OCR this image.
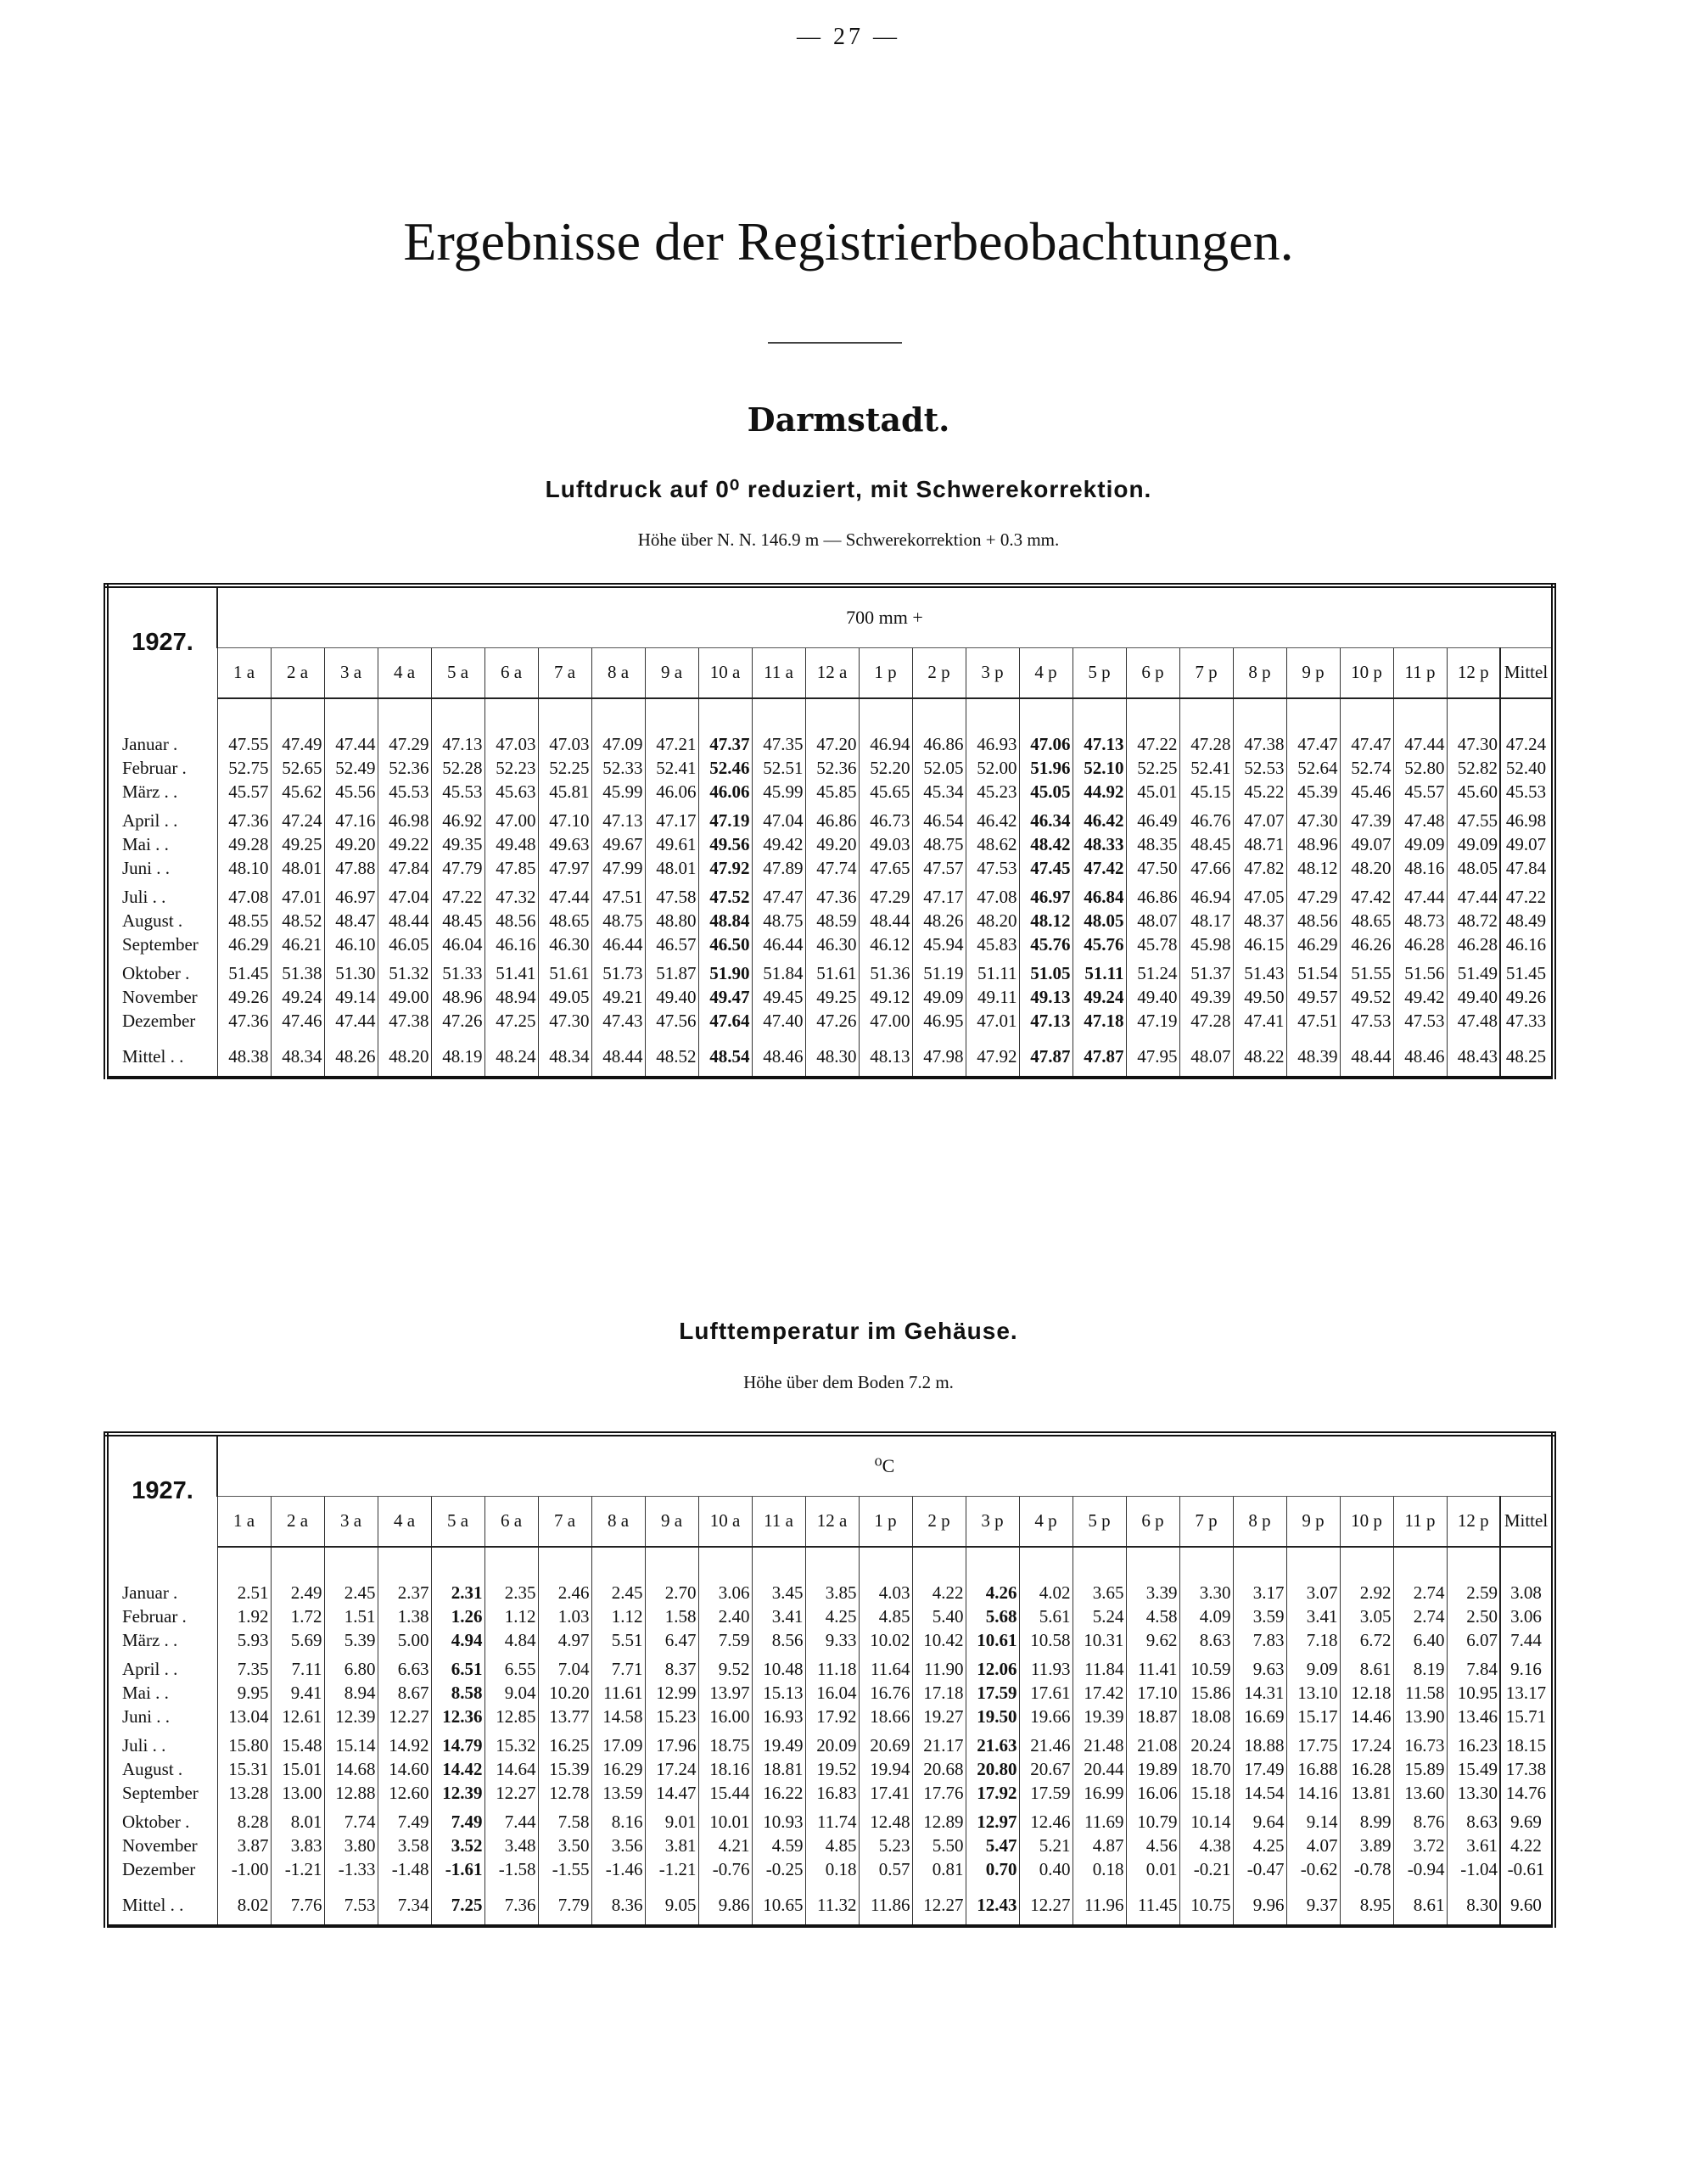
— 27 —
Ergebnisse der Registrierbeobachtungen.
Darmstadt.
Luftdruck auf 0⁰ reduziert, mit Schwerekorrektion.
Höhe über N. N. 146.9 m — Schwerekorrektion + 0.3 mm.

1927.	700 mm +																								
	1 a	2 a	3 a	4 a	5 a	6 a	7 a	8 a	9 a	10 a	11 a	12 a	1 p	2 p	3 p	4 p	5 p	6 p	7 p	8 p	9 p	10 p	11 p	12 p	Mittel

Januar .	47.55	47.49	47.44	47.29	47.13	47.03	47.03	47.09	47.21	47.37	47.35	47.20	46.94	46.86	46.93	47.06	47.13	47.22	47.28	47.38	47.47	47.47	47.44	47.30	47.24
Februar .	52.75	52.65	52.49	52.36	52.28	52.23	52.25	52.33	52.41	52.46	52.51	52.36	52.20	52.05	52.00	51.96	52.10	52.25	52.41	52.53	52.64	52.74	52.80	52.82	52.40
März . .	45.57	45.62	45.56	45.53	45.53	45.63	45.81	45.99	46.06	46.06	45.99	45.85	45.65	45.34	45.23	45.05	44.92	45.01	45.15	45.22	45.39	45.46	45.57	45.60	45.53

April . .	47.36	47.24	47.16	46.98	46.92	47.00	47.10	47.13	47.17	47.19	47.04	46.86	46.73	46.54	46.42	46.34	46.42	46.49	46.76	47.07	47.30	47.39	47.48	47.55	46.98
Mai . .	49.28	49.25	49.20	49.22	49.35	49.48	49.63	49.67	49.61	49.56	49.42	49.20	49.03	48.75	48.62	48.42	48.33	48.35	48.45	48.71	48.96	49.07	49.09	49.09	49.07
Juni . .	48.10	48.01	47.88	47.84	47.79	47.85	47.97	47.99	48.01	47.92	47.89	47.74	47.65	47.57	47.53	47.45	47.42	47.50	47.66	47.82	48.12	48.20	48.16	48.05	47.84

Juli . .	47.08	47.01	46.97	47.04	47.22	47.32	47.44	47.51	47.58	47.52	47.47	47.36	47.29	47.17	47.08	46.97	46.84	46.86	46.94	47.05	47.29	47.42	47.44	47.44	47.22
August .	48.55	48.52	48.47	48.44	48.45	48.56	48.65	48.75	48.80	48.84	48.75	48.59	48.44	48.26	48.20	48.12	48.05	48.07	48.17	48.37	48.56	48.65	48.73	48.72	48.49
September	46.29	46.21	46.10	46.05	46.04	46.16	46.30	46.44	46.57	46.50	46.44	46.30	46.12	45.94	45.83	45.76	45.76	45.78	45.98	46.15	46.29	46.26	46.28	46.28	46.16

Oktober .	51.45	51.38	51.30	51.32	51.33	51.41	51.61	51.73	51.87	51.90	51.84	51.61	51.36	51.19	51.11	51.05	51.11	51.24	51.37	51.43	51.54	51.55	51.56	51.49	51.45
November	49.26	49.24	49.14	49.00	48.96	48.94	49.05	49.21	49.40	49.47	49.45	49.25	49.12	49.09	49.11	49.13	49.24	49.40	49.39	49.50	49.57	49.52	49.42	49.40	49.26
Dezember	47.36	47.46	47.44	47.38	47.26	47.25	47.30	47.43	47.56	47.64	47.40	47.26	47.00	46.95	47.01	47.13	47.18	47.19	47.28	47.41	47.51	47.53	47.53	47.48	47.33

Mittel . .	48.38	48.34	48.26	48.20	48.19	48.24	48.34	48.44	48.52	48.54	48.46	48.30	48.13	47.98	47.92	47.87	47.87	47.95	48.07	48.22	48.39	48.44	48.46	48.43	48.25

Lufttemperatur im Gehäuse.
Höhe über dem Boden 7.2 m.

1927.	⁰C																								
	1 a	2 a	3 a	4 a	5 a	6 a	7 a	8 a	9 a	10 a	11 a	12 a	1 p	2 p	3 p	4 p	5 p	6 p	7 p	8 p	9 p	10 p	11 p	12 p	Mittel

Januar .	2.51	2.49	2.45	2.37	2.31	2.35	2.46	2.45	2.70	3.06	3.45	3.85	4.03	4.22	4.26	4.02	3.65	3.39	3.30	3.17	3.07	2.92	2.74	2.59	3.08
Februar .	1.92	1.72	1.51	1.38	1.26	1.12	1.03	1.12	1.58	2.40	3.41	4.25	4.85	5.40	5.68	5.61	5.24	4.58	4.09	3.59	3.41	3.05	2.74	2.50	3.06
März . .	5.93	5.69	5.39	5.00	4.94	4.84	4.97	5.51	6.47	7.59	8.56	9.33	10.02	10.42	10.61	10.58	10.31	9.62	8.63	7.83	7.18	6.72	6.40	6.07	7.44

April . .	7.35	7.11	6.80	6.63	6.51	6.55	7.04	7.71	8.37	9.52	10.48	11.18	11.64	11.90	12.06	11.93	11.84	11.41	10.59	9.63	9.09	8.61	8.19	7.84	9.16
Mai . .	9.95	9.41	8.94	8.67	8.58	9.04	10.20	11.61	12.99	13.97	15.13	16.04	16.76	17.18	17.59	17.61	17.42	17.10	15.86	14.31	13.10	12.18	11.58	10.95	13.17
Juni . .	13.04	12.61	12.39	12.27	12.36	12.85	13.77	14.58	15.23	16.00	16.93	17.92	18.66	19.27	19.50	19.66	19.39	18.87	18.08	16.69	15.17	14.46	13.90	13.46	15.71

Juli . .	15.80	15.48	15.14	14.92	14.79	15.32	16.25	17.09	17.96	18.75	19.49	20.09	20.69	21.17	21.63	21.46	21.48	21.08	20.24	18.88	17.75	17.24	16.73	16.23	18.15
August .	15.31	15.01	14.68	14.60	14.42	14.64	15.39	16.29	17.24	18.16	18.81	19.52	19.94	20.68	20.80	20.67	20.44	19.89	18.70	17.49	16.88	16.28	15.89	15.49	17.38
September	13.28	13.00	12.88	12.60	12.39	12.27	12.78	13.59	14.47	15.44	16.22	16.83	17.41	17.76	17.92	17.59	16.99	16.06	15.18	14.54	14.16	13.81	13.60	13.30	14.76

Oktober .	8.28	8.01	7.74	7.49	7.49	7.44	7.58	8.16	9.01	10.01	10.93	11.74	12.48	12.89	12.97	12.46	11.69	10.79	10.14	9.64	9.14	8.99	8.76	8.63	9.69
November	3.87	3.83	3.80	3.58	3.52	3.48	3.50	3.56	3.81	4.21	4.59	4.85	5.23	5.50	5.47	5.21	4.87	4.56	4.38	4.25	4.07	3.89	3.72	3.61	4.22
Dezember	-1.00	-1.21	-1.33	-1.48	-1.61	-1.58	-1.55	-1.46	-1.21	-0.76	-0.25	0.18	0.57	0.81	0.70	0.40	0.18	0.01	-0.21	-0.47	-0.62	-0.78	-0.94	-1.04	-0.61

Mittel . .	8.02	7.76	7.53	7.34	7.25	7.36	7.79	8.36	9.05	9.86	10.65	11.32	11.86	12.27	12.43	12.27	11.96	11.45	10.75	9.96	9.37	8.95	8.61	8.30	9.60
